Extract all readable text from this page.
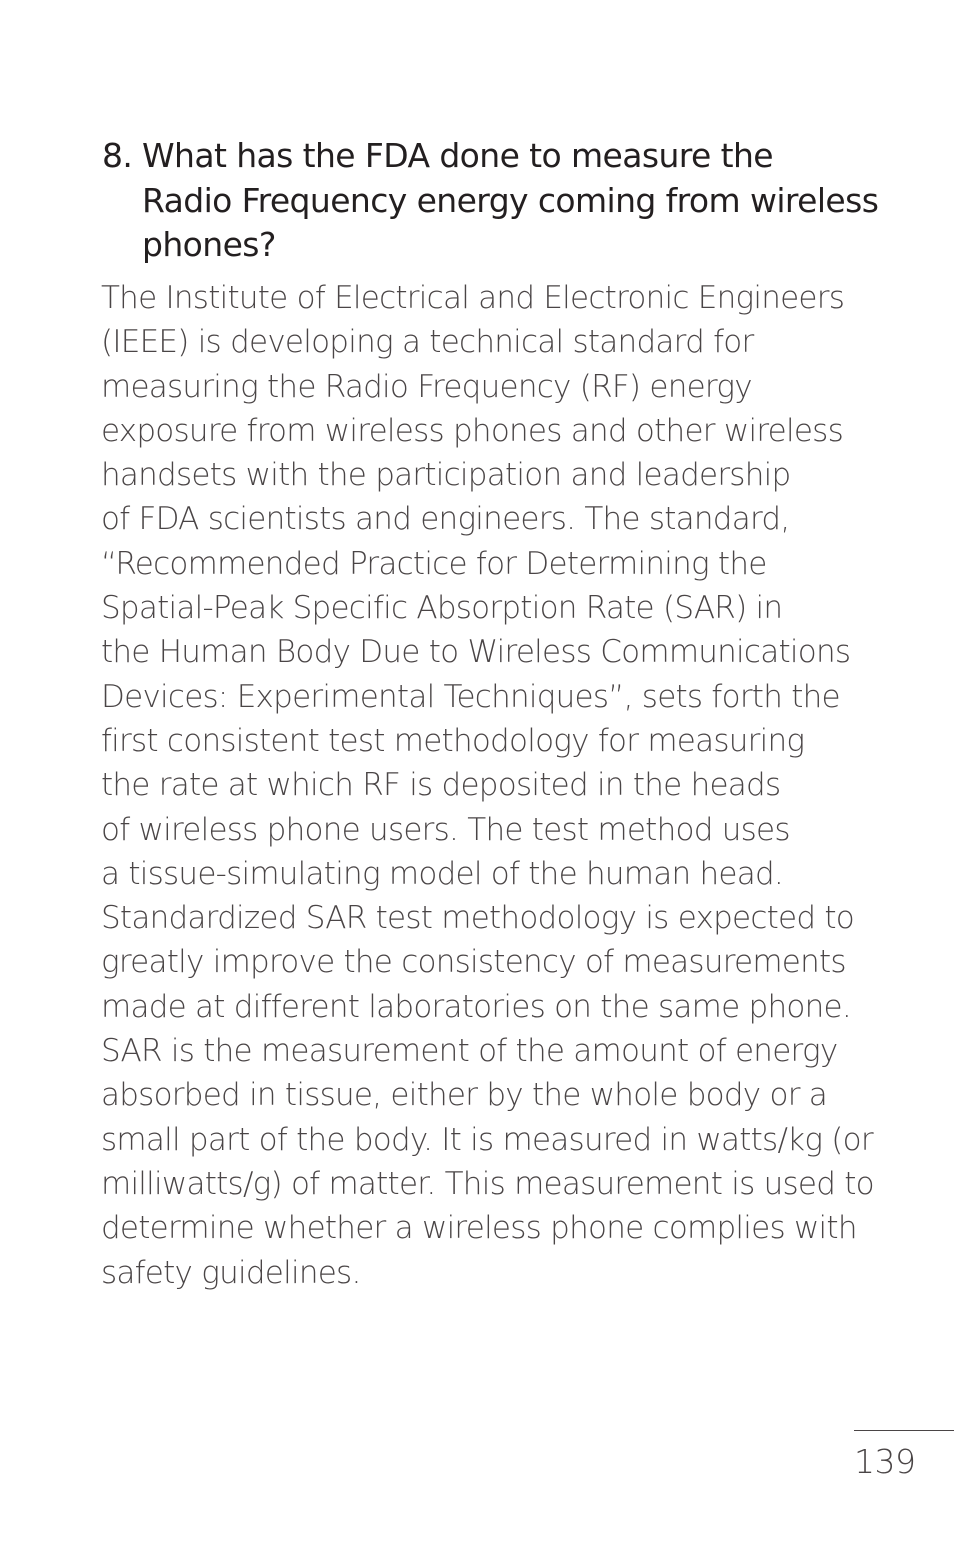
8. What has the FDA done to measure the
Radio Frequency energy coming from wireless
phones?
The Institute of Electrical and Electronic Engineers
(IEEE) is developing a technical standard for
measuring the Radio Frequency (RF) energy
exposure from wireless phones and other wireless
handsets with the participation and leadership
of FDA scientists and engineers. The standard,
“Recommended Practice for Determining the
Spatial-Peak Specific Absorption Rate (SAR) in
the Human Body Due to Wireless Communications
Devices: Experimental Techniques”, sets forth the
first consistent test methodology for measuring
the rate at which RF is deposited in the heads
of wireless phone users. The test method uses
a tissue-simulating model of the human head.
Standardized SAR test methodology is expected to
greatly improve the consistency of measurements
made at different laboratories on the same phone.
SAR is the measurement of the amount of energy
absorbed in tissue, either by the whole body or a
small part of the body. It is measured in watts/kg (or
milliwatts/g) of matter. This measurement is used to
determine whether a wireless phone complies with
safety guidelines.
139
